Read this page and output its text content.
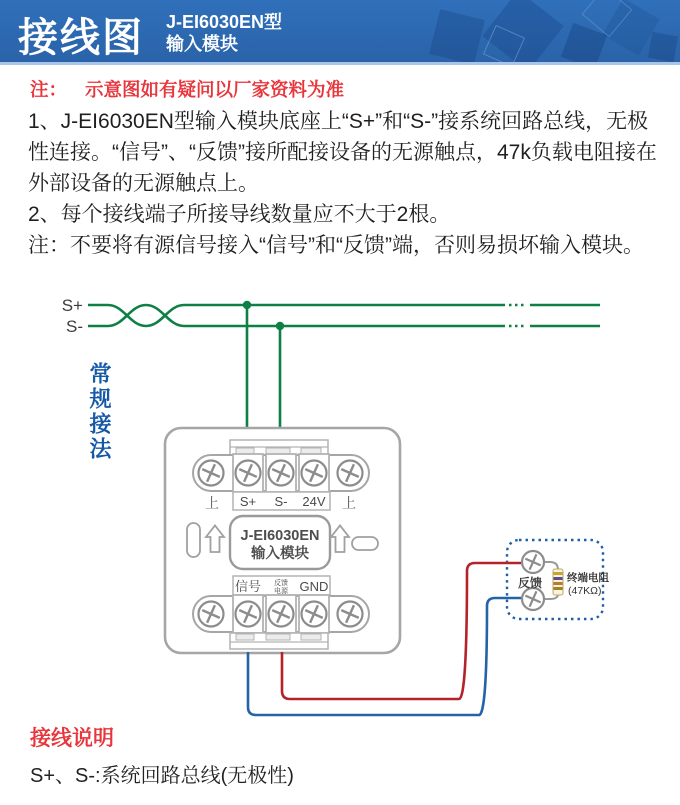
接线图 J-EI6030EN型
输入模块
注： 示意图如有疑问以厂家资料为准

1、J-EI6030EN型输入模块底座上“S+”和“S-”接系统回路总线，无极性连接。“信号”、“反馈”接所配接设备的无源触点，47k负载电阻接在外部设备的无源触点上。

2、每个接线端子所接导线数量应不大于2根。

注：不要将有源信号接入“信号”和“反馈”端，否则易损坏输入模块。

常规接法
S+
S-
S+ S- 24V
上	上
J-EI6030EN
输入模块
信号 反馈
电源 GND	反馈 终端电阻
(47KΩ)
接线说明
S+、S-:系统回路总线(无极性)
